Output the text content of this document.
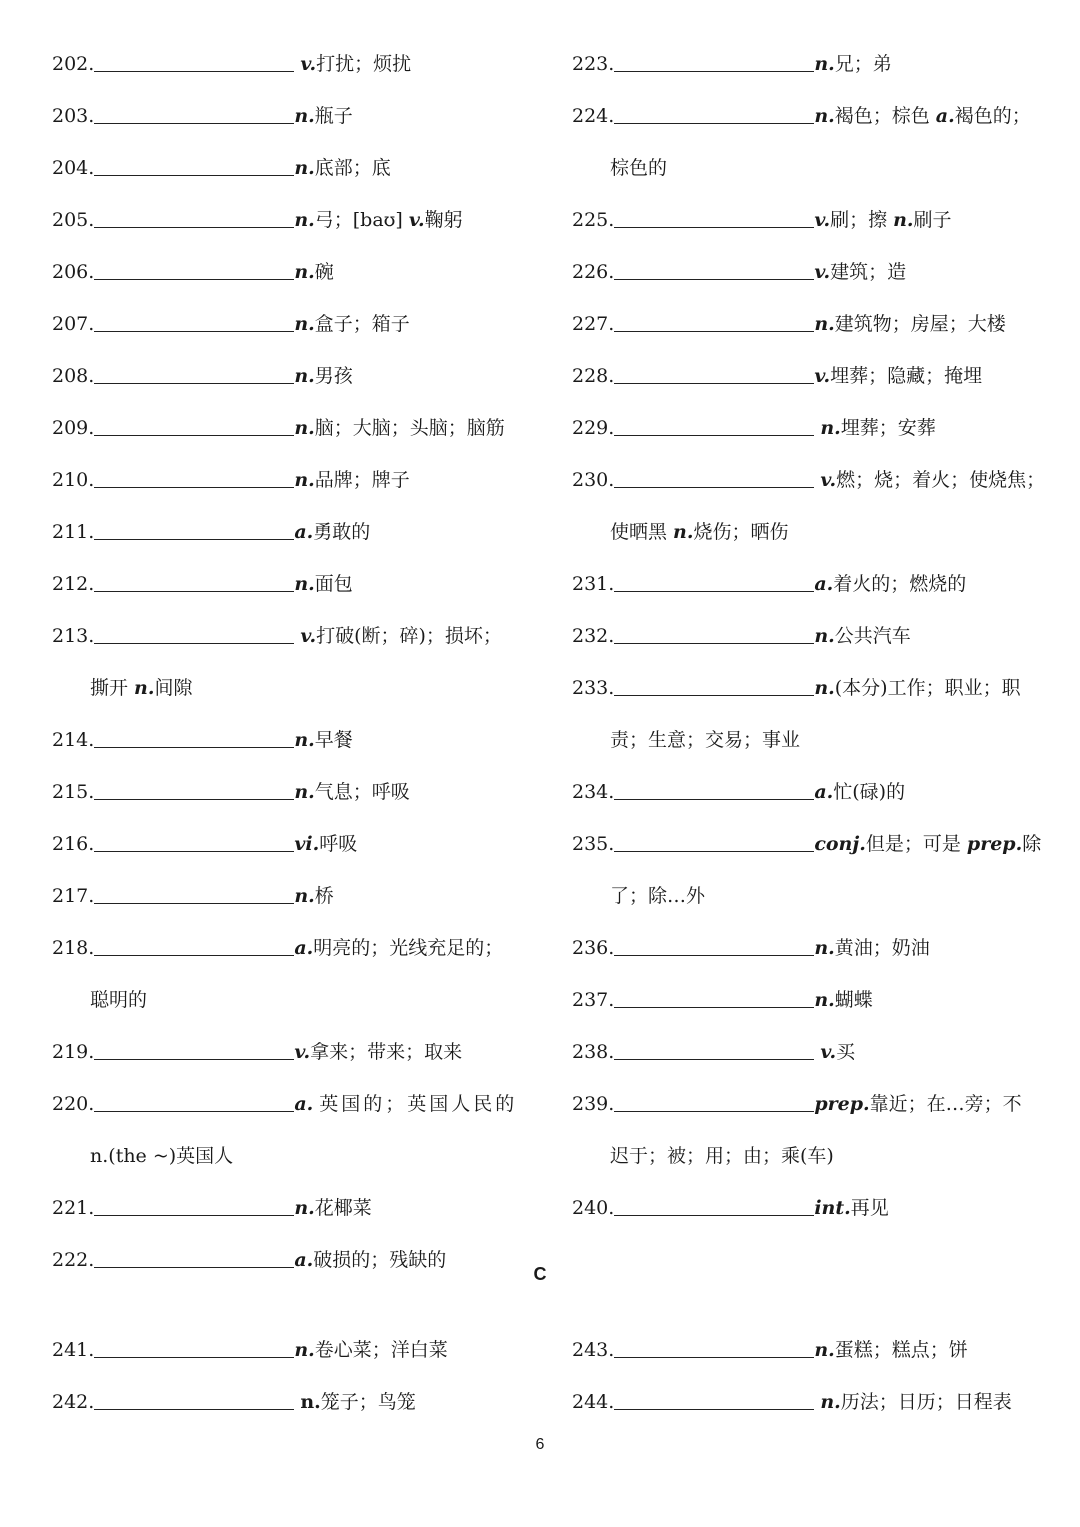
202.	v.打扰；烦扰
203.	n.瓶子
204.	n.底部；底
205.	n.弓；[baʊ] v.鞠躬
206.	n.碗
207.	n.盒子；箱子
208.	n.男孩
209.	n.脑；大脑；头脑；脑筋
210.	n.品牌；牌子
211.	a.勇敢的
212.	n.面包
213.	v.打破(断；碎)；损坏；
撕开 n.间隙
214.	n.早餐
215.	n.气息；呼吸
216.	vi.呼吸
217.	n.桥
218.	a.明亮的；光线充足的；
聪明的
219.	v.拿来；带来；取来
220.	a. 英国的；英国人民的
n.(the ~)英国人
221.	n.花椰菜
222.	a.破损的；残缺的
223.	n.兄；弟
224.	n.褐色；棕色 a.褐色的；
棕色的
225.	v.刷；擦 n.刷子
226.	v.建筑；造
227.	n.建筑物；房屋；大楼
228.	v.埋葬；隐藏；掩埋
229.	n.埋葬；安葬
230.	v.燃；烧；着火；使烧焦；
使晒黑 n.烧伤；晒伤
231.	a.着火的；燃烧的
232.	n.公共汽车
233.	n.(本分)工作；职业；职
责；生意；交易；事业
234.	a.忙(碌)的
235.	conj.但是；可是 prep.除
了；除…外
236.	n.黄油；奶油
237.	n.蝴蝶
238.	v.买
239.	prep.靠近；在…旁；不
迟于；被；用；由；乘(车)
240.	int.再见
C
241.	n.卷心菜；洋白菜
242.	n.笼子；鸟笼
243.	n.蛋糕；糕点；饼
244.	n.历法；日历；日程表
6
